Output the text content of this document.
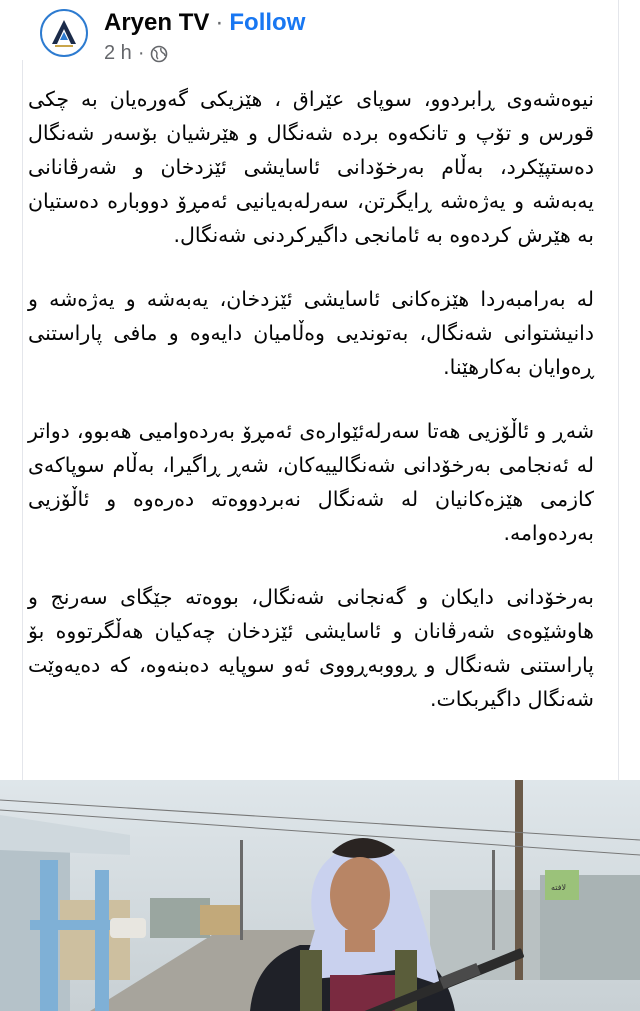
Aryen TV · Follow
2 h ·

نیوەشەوی ڕابردوو، سوپای عێراق ، هێزیکی گەورەیان بە چکی قورس و تۆپ و تانکەوە بردە شەنگال و هێرشیان بۆسەر شەنگال دەستپێکرد، بەڵام بەرخۆدانی ئاسایشی ئێزدخان و شەرڤانانی یەبەشە و یەژەشە ڕایگرتن، سەرلەبەیانیی ئەمڕۆ دووبارە دەستیان بە هێرش کردەوە بە ئامانجی داگیرکردنی شەنگال.

لە بەرامبەردا هێزەکانی ئاسایشی ئێزدخان، یەبەشە و یەژەشە و دانیشتوانی شەنگال، بەتوندیی وەڵامیان دایەوە و مافی پاراستنی ڕەوایان بەکارهێنا.

شەڕ و ئاڵۆزیی هەتا سەرلەئێوارەی ئەمڕۆ بەردەوامیی هەبوو، دواتر لە ئەنجامی بەرخۆدانی شەنگالییەکان، شەڕ ڕاگیرا، بەڵام سوپاکەی کازمی هێزەکانیان لە شەنگال نەبردووەتە دەرەوە و ئاڵۆزیی بەردەوامە.

بەرخۆدانی دایکان و گەنجانی شەنگال، بووەتە جێگای سەرنج و هاوشێوەی شەرڤانان و ئاسایشی ئێزدخان چەکیان هەڵگرتووە بۆ پاراستنی شەنگال و ڕووبەڕووی ئەو سوپایە دەبنەوە، کە دەیەوێت شەنگال داگیربکات.

لافته
